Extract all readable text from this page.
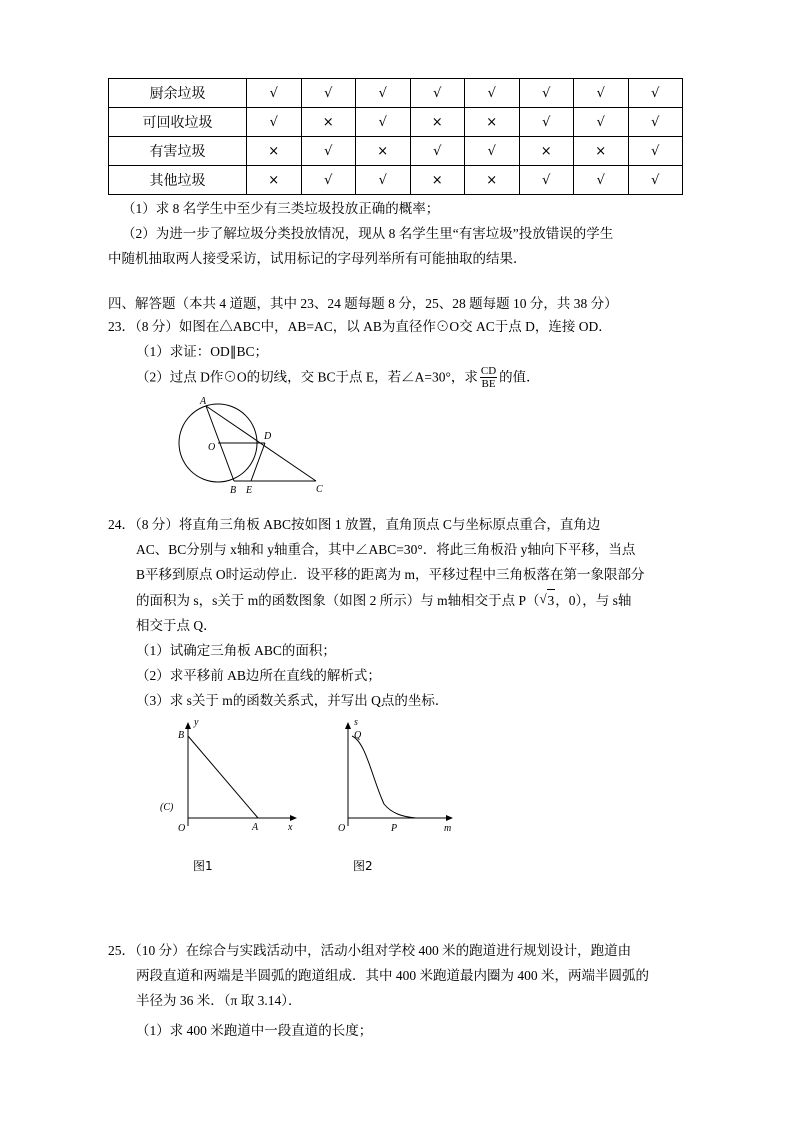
厨余垃圾	√	√	√	√	√	√	√	√
可回收垃圾	√	×	√	×	×	√	√	√
有害垃圾	×	√	×	√	√	×	×	√
其他垃圾	×	√	√	×	×	√	√	√
（1）求 8 名学生中至少有三类垃圾投放正确的概率；
（2）为进一步了解垃圾分类投放情况，现从 8 名学生里“有害垃圾”投放错误的学生
中随机抽取两人接受采访，试用标记的字母列举所有可能抽取的结果．
四、解答题（本共 4 道题，其中 23、24 题每题 8 分，25、28 题每题 10 分，共 38 分）
23．（8 分）如图在△ABC中，AB=AC，以 AB为直径作⊙O交 AC于点 D，连接 OD．
（1）求证：OD∥BC；
（2）过点 D作⊙O的切线，交 BC于点 E，若∠A=30°，求 $\frac{CD}{BE}$ 的值．
A
O
D
B E	C
24．（8 分）将直角三角板 ABC按如图 1 放置，直角顶点 C与坐标原点重合，直角边
AC、BC分别与 x轴和 y轴重合，其中∠ABC=30°．将此三角板沿 y轴向下平移，当点
B平移到原点 O时运动停止．设平移的距离为 m，平移过程中三角板落在第一象限部分
的面积为 s，s关于 m的函数图象（如图 2 所示）与 m轴相交于点 P（ √ 3，0），与 s轴
相交于点 Q．
（1）试确定三角板 ABC的面积；
（2）求平移前 AB边所在直线的解析式；
（3）求 s关于 m的函数关系式，并写出 Q点的坐标．
y
B
A
O
(C)
x
图1
s
Q
O	P	m
图2
25．（10 分）在综合与实践活动中，活动小组对学校 400 米的跑道进行规划设计，跑道由
两段直道和两端是半圆弧的跑道组成．其中 400 米跑道最内圈为 400 米，两端半圆弧的
半径为 36 米．（π 取 3.14）．
（1）求 400 米跑道中一段直道的长度；
